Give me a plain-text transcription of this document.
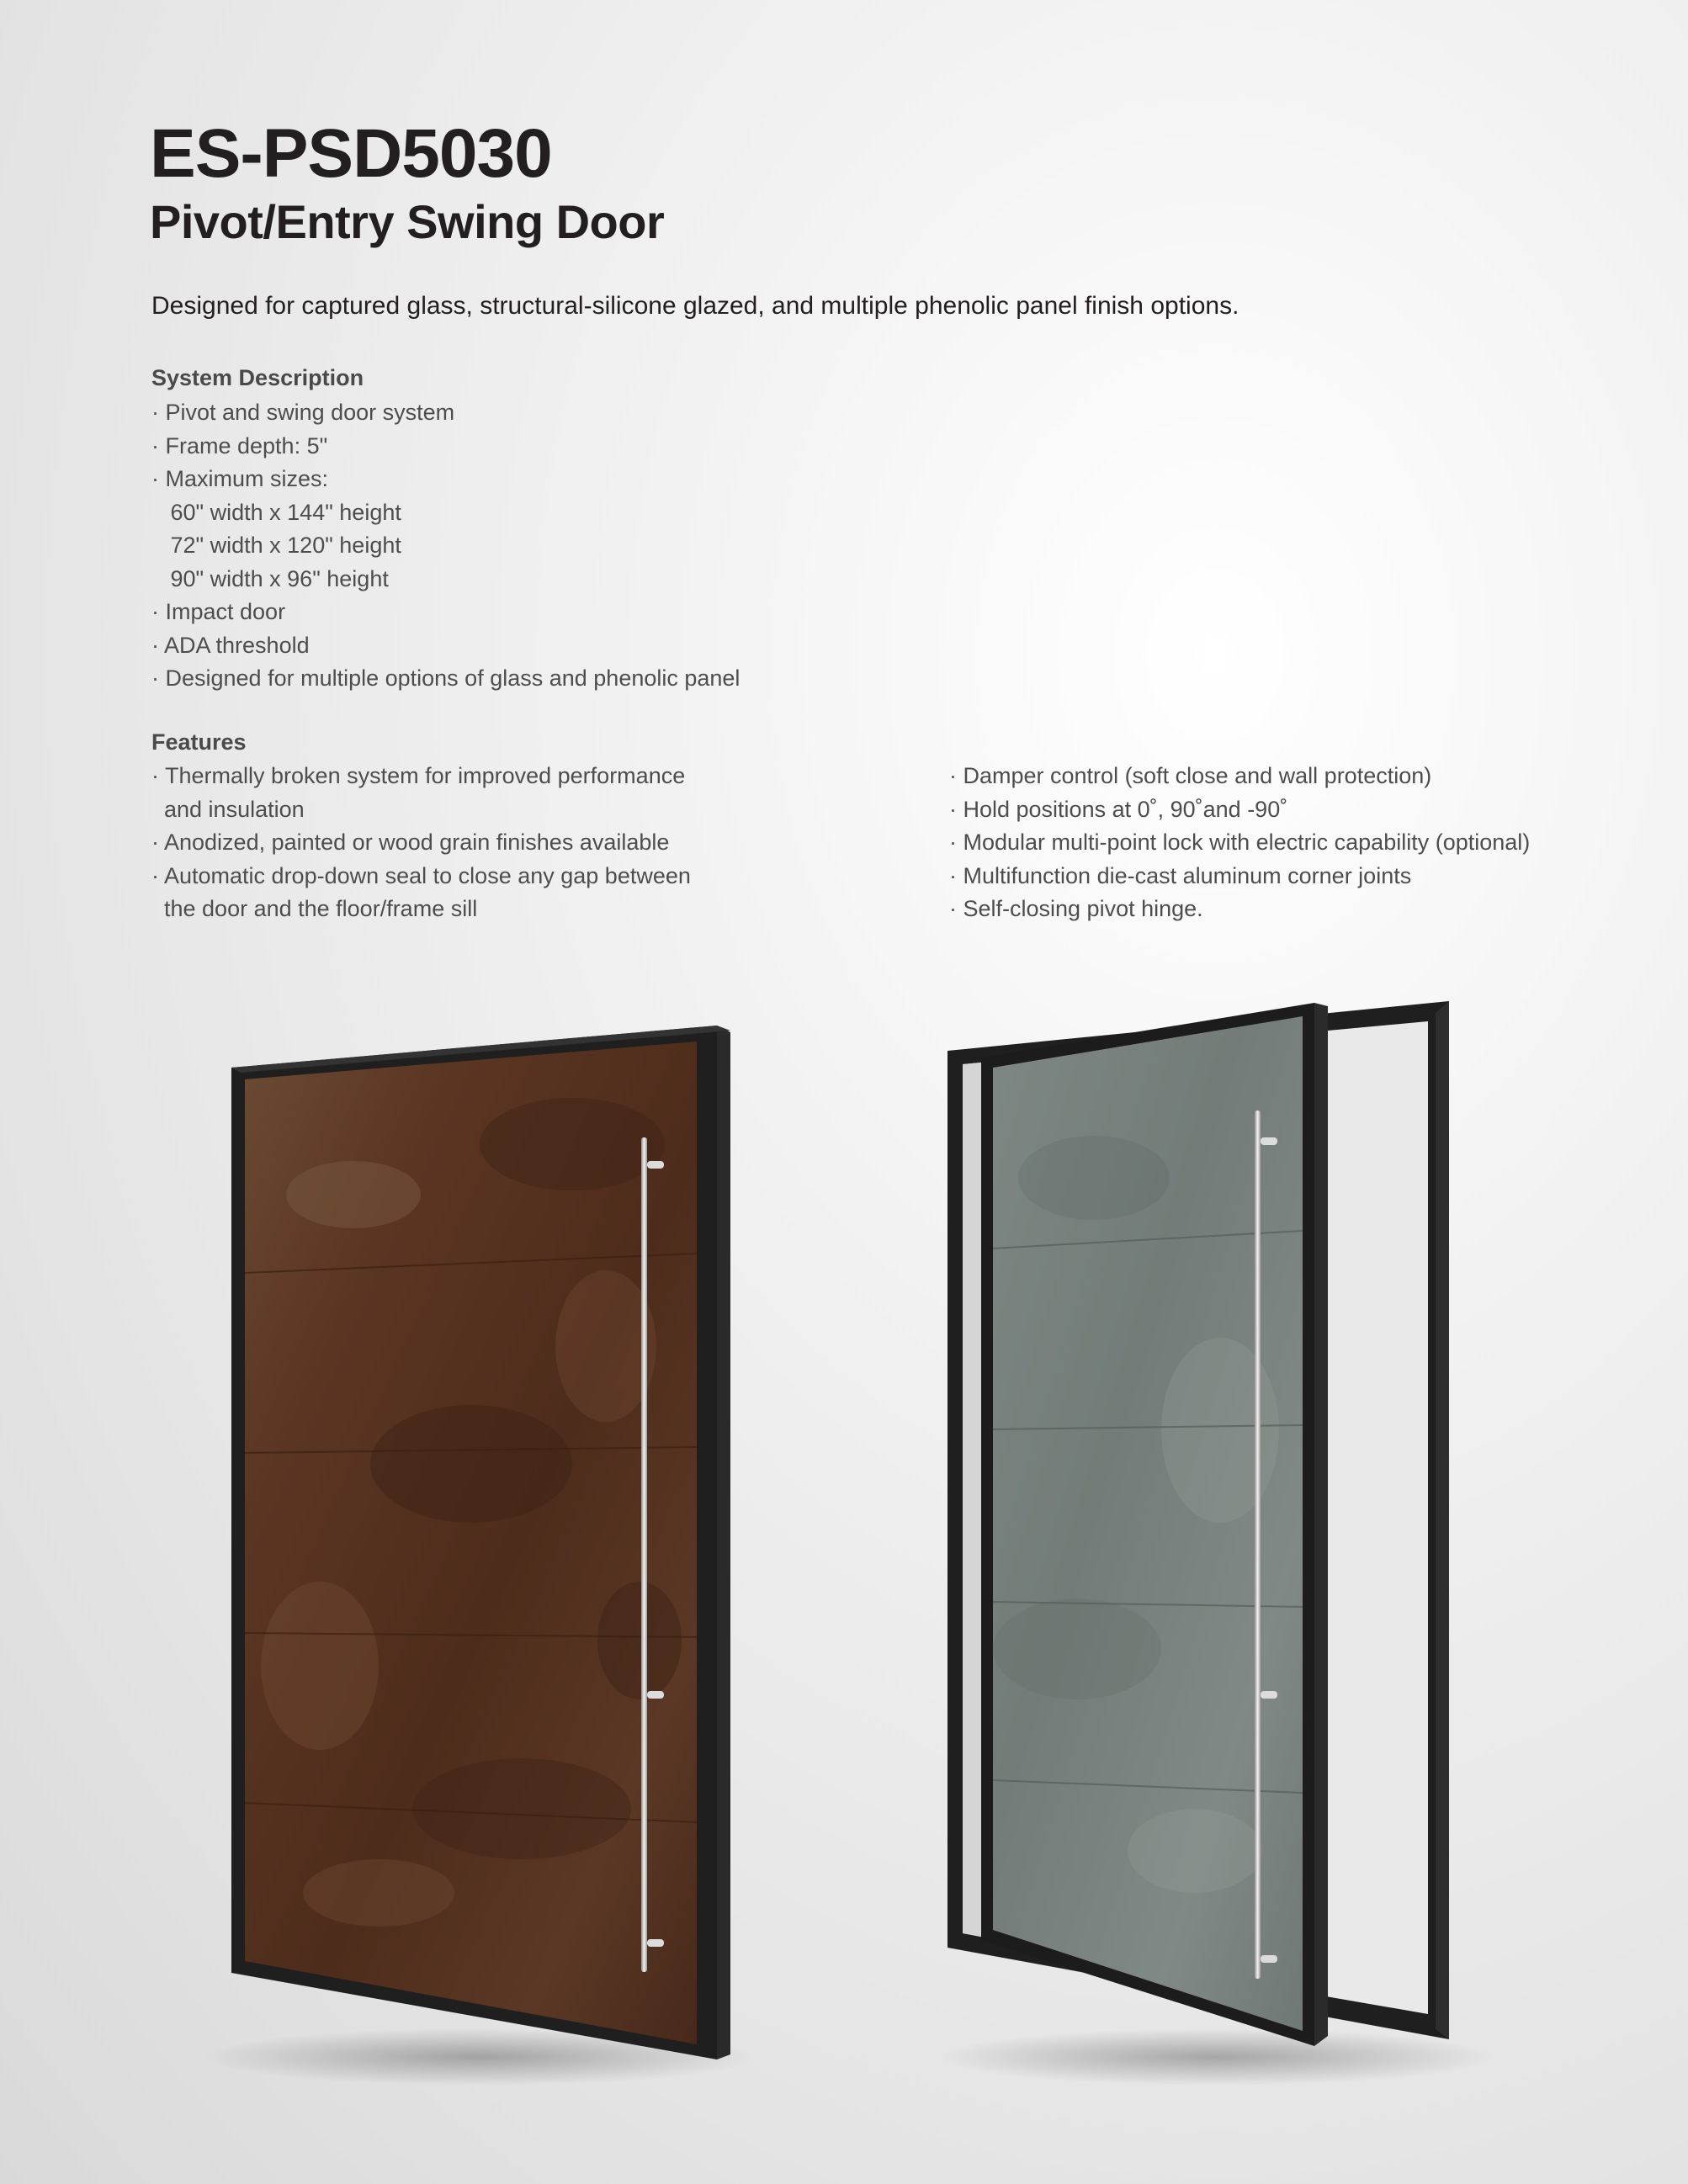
ES-PSD5030
Pivot/Entry Swing Door

Designed for captured glass, structural-silicone glazed, and multiple phenolic panel finish options.

System Description
· Pivot and swing door system
· Frame depth: 5"
· Maximum sizes:
60" width x 144" height
72" width x 120" height
90" width x 96" height
· Impact door
· ADA threshold
· Designed for multiple options of glass and phenolic panel
Features
· Thermally broken system for improved performance
and insulation
· Anodized, painted or wood grain finishes available
· Automatic drop-down seal to close any gap between
the door and the floor/frame sill
· Damper control (soft close and wall protection)
· Hold positions at 0˚, 90˚and -90˚
· Modular multi-point lock with electric capability (optional)
· Multifunction die-cast aluminum corner joints
· Self-closing pivot hinge.
